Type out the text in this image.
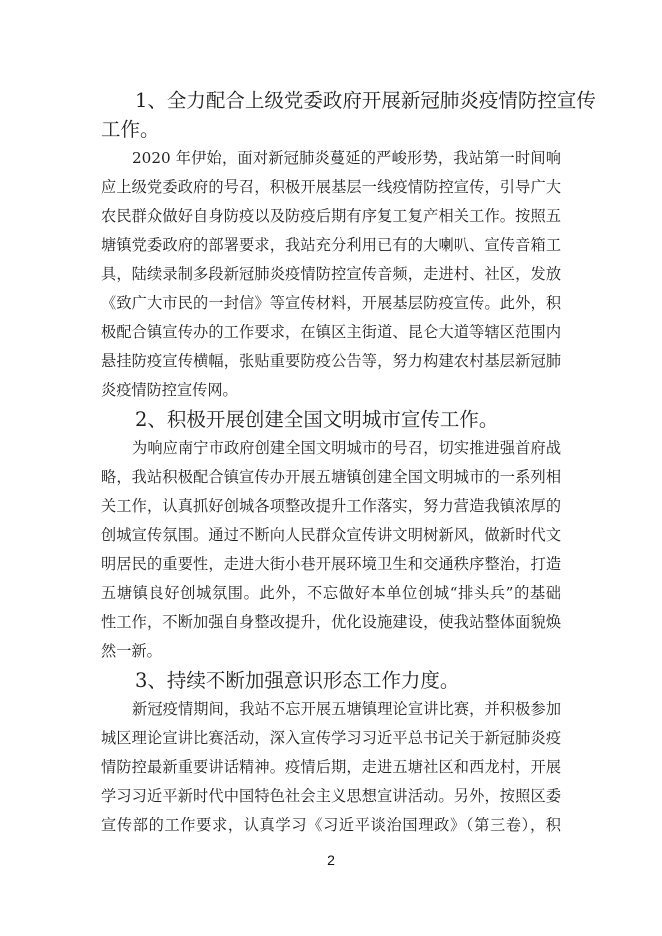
1、全力配合上级党委政府开展新冠肺炎疫情防控宣传
工作。
2020 年伊始，面对新冠肺炎蔓延的严峻形势，我站第一时间响
应上级党委政府的号召，积极开展基层一线疫情防控宣传，引导广大
农民群众做好自身防疫以及防疫后期有序复工复产相关工作。按照五
塘镇党委政府的部署要求，我站充分利用已有的大喇叭、宣传音箱工
具，陆续录制多段新冠肺炎疫情防控宣传音频，走进村、社区，发放
《致广大市民的一封信》等宣传材料，开展基层防疫宣传。此外，积
极配合镇宣传办的工作要求，在镇区主街道、昆仑大道等辖区范围内
悬挂防疫宣传横幅，张贴重要防疫公告等，努力构建农村基层新冠肺
炎疫情防控宣传网。
2、积极开展创建全国文明城市宣传工作。
为响应南宁市政府创建全国文明城市的号召，切实推进强首府战
略，我站积极配合镇宣传办开展五塘镇创建全国文明城市的一系列相
关工作，认真抓好创城各项整改提升工作落实，努力营造我镇浓厚的
创城宣传氛围。通过不断向人民群众宣传讲文明树新风，做新时代文
明居民的重要性，走进大街小巷开展环境卫生和交通秩序整治，打造
五塘镇良好创城氛围。此外，不忘做好本单位创城“排头兵”的基础
性工作，不断加强自身整改提升，优化设施建设，使我站整体面貌焕
然一新。
3、持续不断加强意识形态工作力度。
新冠疫情期间，我站不忘开展五塘镇理论宣讲比赛，并积极参加
城区理论宣讲比赛活动，深入宣传学习习近平总书记关于新冠肺炎疫
情防控最新重要讲话精神。疫情后期，走进五塘社区和西龙村，开展
学习习近平新时代中国特色社会主义思想宣讲活动。另外，按照区委
宣传部的工作要求，认真学习《习近平谈治国理政》（第三卷），积
2
